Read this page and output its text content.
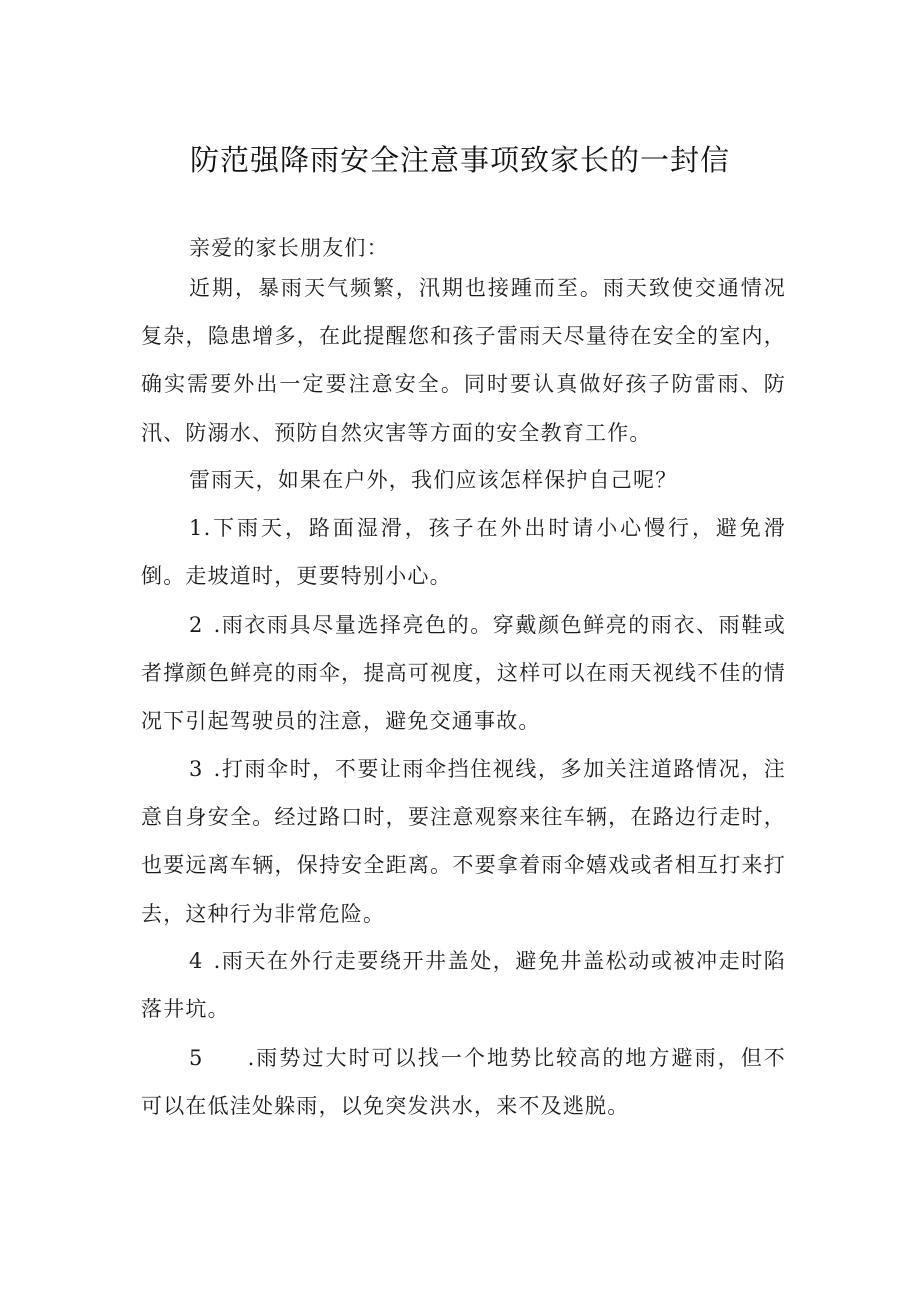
防范强降雨安全注意事项致家长的一封信

亲爱的家长朋友们：

近期，暴雨天气频繁，汛期也接踵而至。雨天致使交通情况复杂，隐患增多，在此提醒您和孩子雷雨天尽量待在安全的室内，确实需要外出一定要注意安全。同时要认真做好孩子防雷雨、防汛、防溺水、预防自然灾害等方面的安全教育工作。

雷雨天，如果在户外，我们应该怎样保护自己呢？

1.下雨天，路面湿滑，孩子在外出时请小心慢行，避免滑倒。走坡道时，更要特别小心。

2 .雨衣雨具尽量选择亮色的。穿戴颜色鲜亮的雨衣、雨鞋或者撑颜色鲜亮的雨伞，提高可视度，这样可以在雨天视线不佳的情况下引起驾驶员的注意，避免交通事故。

3 .打雨伞时，不要让雨伞挡住视线，多加关注道路情况，注意自身安全。经过路口时，要注意观察来往车辆，在路边行走时，也要远离车辆，保持安全距离。不要拿着雨伞嬉戏或者相互打来打去，这种行为非常危险。

4 .雨天在外行走要绕开井盖处，避免井盖松动或被冲走时陷落井坑。

5 .雨势过大时可以找一个地势比较高的地方避雨，但不可以在低洼处躲雨，以免突发洪水，来不及逃脱。
